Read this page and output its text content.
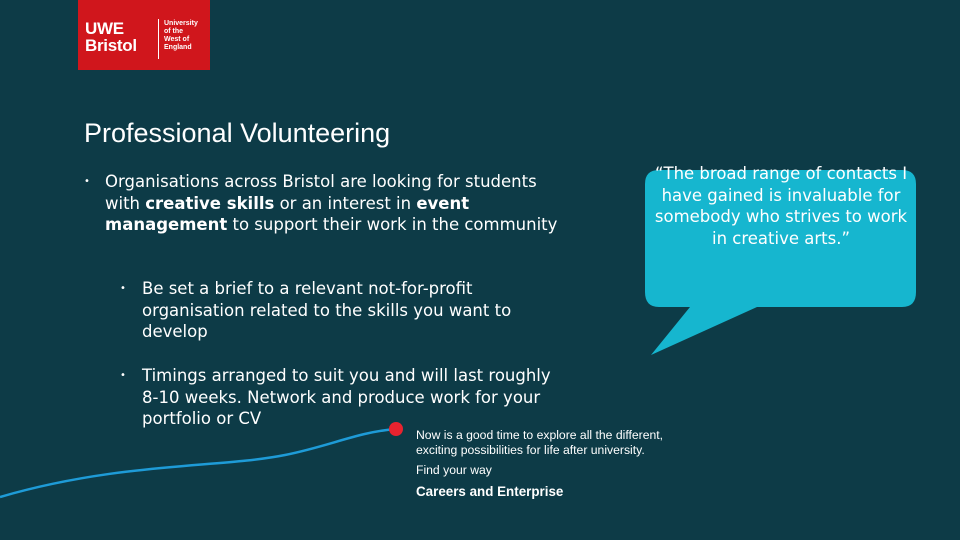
UWE
Bristol
University
of the
West of
England
Professional Volunteering
• Organisations across Bristol are looking for students with creative skills or an interest in event management to support their work in the community
• Be set a brief to a relevant not-for-profit organisation related to the skills you want to develop
• Timings arranged to suit you and will last roughly 8-10 weeks. Network and produce work for your portfolio or CV
“The broad range of contacts I have gained is invaluable for somebody who strives to work in creative arts.”
Now is a good time to explore all the different,
exciting possibilities for life after university.
Find your way
Careers and Enterprise
